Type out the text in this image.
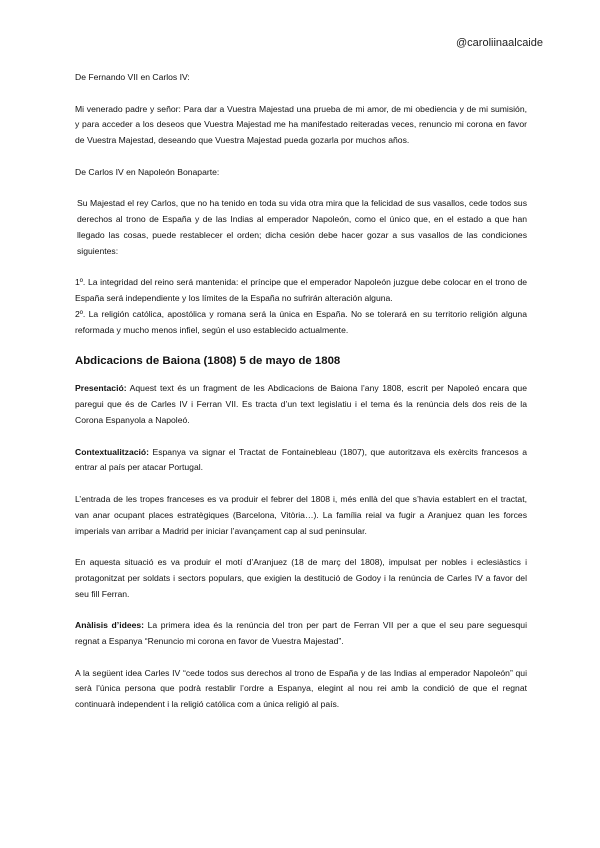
@caroliinaalcaide

De Fernando VII en Carlos IV:

Mi venerado padre y señor: Para dar a Vuestra Majestad una prueba de mi amor, de mi obediencia y de mi sumisión, y para acceder a los deseos que Vuestra Majestad me ha manifestado reiteradas veces, renuncio mi corona en favor de Vuestra Majestad, deseando que Vuestra Majestad pueda gozarla por muchos años.

De Carlos IV en Napoleón Bonaparte:

Su Majestad el rey Carlos, que no ha tenido en toda su vida otra mira que la felicidad de sus vasallos, cede todos sus derechos al trono de España y de las Indias al emperador Napoleón, como el único que, en el estado a que han llegado las cosas, puede restablecer el orden; dicha cesión debe hacer gozar a sus vasallos de las condiciones siguientes:

1º. La integridad del reino será mantenida: el príncipe que el emperador Napoleón juzgue debe colocar en el trono de España será independiente y los límites de la España no sufrirán alteración alguna.

2º. La religión católica, apostólica y romana será la única en España. No se tolerará en su territorio religión alguna reformada y mucho menos infiel, según el uso establecido actualmente.

Abdicacions de Baiona (1808) 5 de mayo de 1808

Presentació: Aquest text és un fragment de les Abdicacions de Baiona l’any 1808, escrit per Napoleó encara que paregui que és de Carles IV i Ferran VII. Es tracta d’un text legislatiu i el tema és la renúncia dels dos reis de la Corona Espanyola a Napoleó.

Contextualització: Espanya va signar el Tractat de Fontainebleau (1807), que autoritzava els exèrcits francesos a entrar al país per atacar Portugal.

L’entrada de les tropes franceses es va produir el febrer del 1808 i, més enllà del que s’havia establert en el tractat, van anar ocupant places estratègiques (Barcelona, Vitòria…). La família reial va fugir a Aranjuez quan les forces imperials van arribar a Madrid per iniciar l’avançament cap al sud peninsular.

En aquesta situació es va produir el motí d’Aranjuez (18 de març del 1808), impulsat per nobles i eclesiàstics i protagonitzat per soldats i sectors populars, que exigien la destitució de Godoy i la renúncia de Carles IV a favor del seu fill Ferran.

Anàlisis d’idees: La primera idea és la renúncia del tron per part de Ferran VII per a que el seu pare seguesqui regnat a Espanya “Renuncio mi corona en favor de Vuestra Majestad”.

A la següent idea Carles IV “cede todos sus derechos al trono de España y de las Indias al emperador Napoleón” qui serà l’única persona que podrà restablir l’ordre a Espanya, elegint al nou rei amb la condició de que el regnat continuarà independent i la religió católica com a única religió al país.
